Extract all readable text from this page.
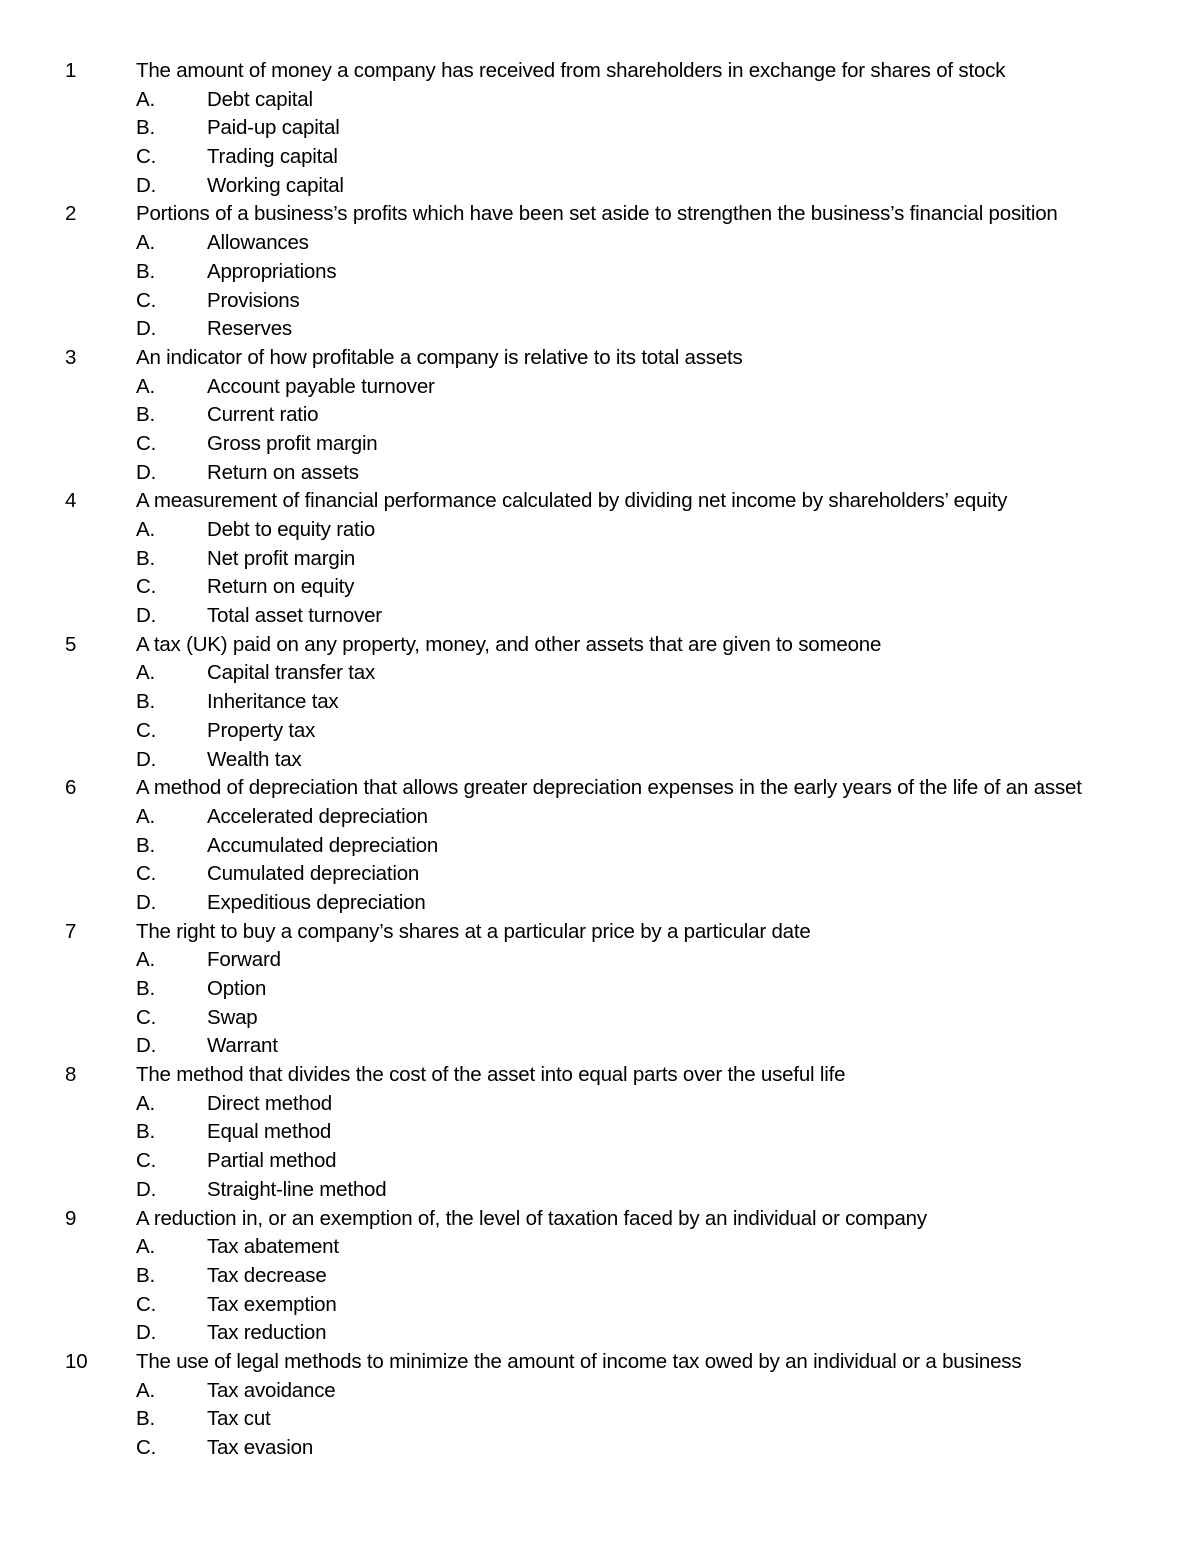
1	The amount of money a company has received from shareholders in exchange for shares of stock
A.	Debt capital
B.	Paid-up capital
C. Trading capital
D. Working capital
2	Portions of a business’s profits which have been set aside to strengthen the business’s financial position
A.	Allowances
B.	Appropriations
C. Provisions
D. Reserves
3	An indicator of how profitable a company is relative to its total assets
A.	Account payable turnover
B.	Current ratio
C. Gross profit margin
D. Return on assets
4	A measurement of financial performance calculated by dividing net income by shareholders’ equity
A.	Debt to equity ratio
B.	Net profit margin
C. Return on equity
D. Total asset turnover
5	A tax (UK) paid on any property, money, and other assets that are given to someone
A.	Capital transfer tax
B.	Inheritance tax
C. Property tax
D. Wealth tax
6	A method of depreciation that allows greater depreciation expenses in the early years of the life of an asset
A.	Accelerated depreciation
B.	Accumulated depreciation
C. Cumulated depreciation
D. Expeditious depreciation
7	The right to buy a company’s shares at a particular price by a particular date
A.	Forward
B.	Option
C. Swap
D. Warrant
8	The method that divides the cost of the asset into equal parts over the useful life
A.	Direct method
B.	Equal method
C. Partial method
D. Straight-line method
9	A reduction in, or an exemption of, the level of taxation faced by an individual or company
A.	Tax abatement
B.	Tax decrease
C. Tax exemption
D. Tax reduction
10 The use of legal methods to minimize the amount of income tax owed by an individual or a business
A.	Tax avoidance
B.	Tax cut
C. Tax evasion
